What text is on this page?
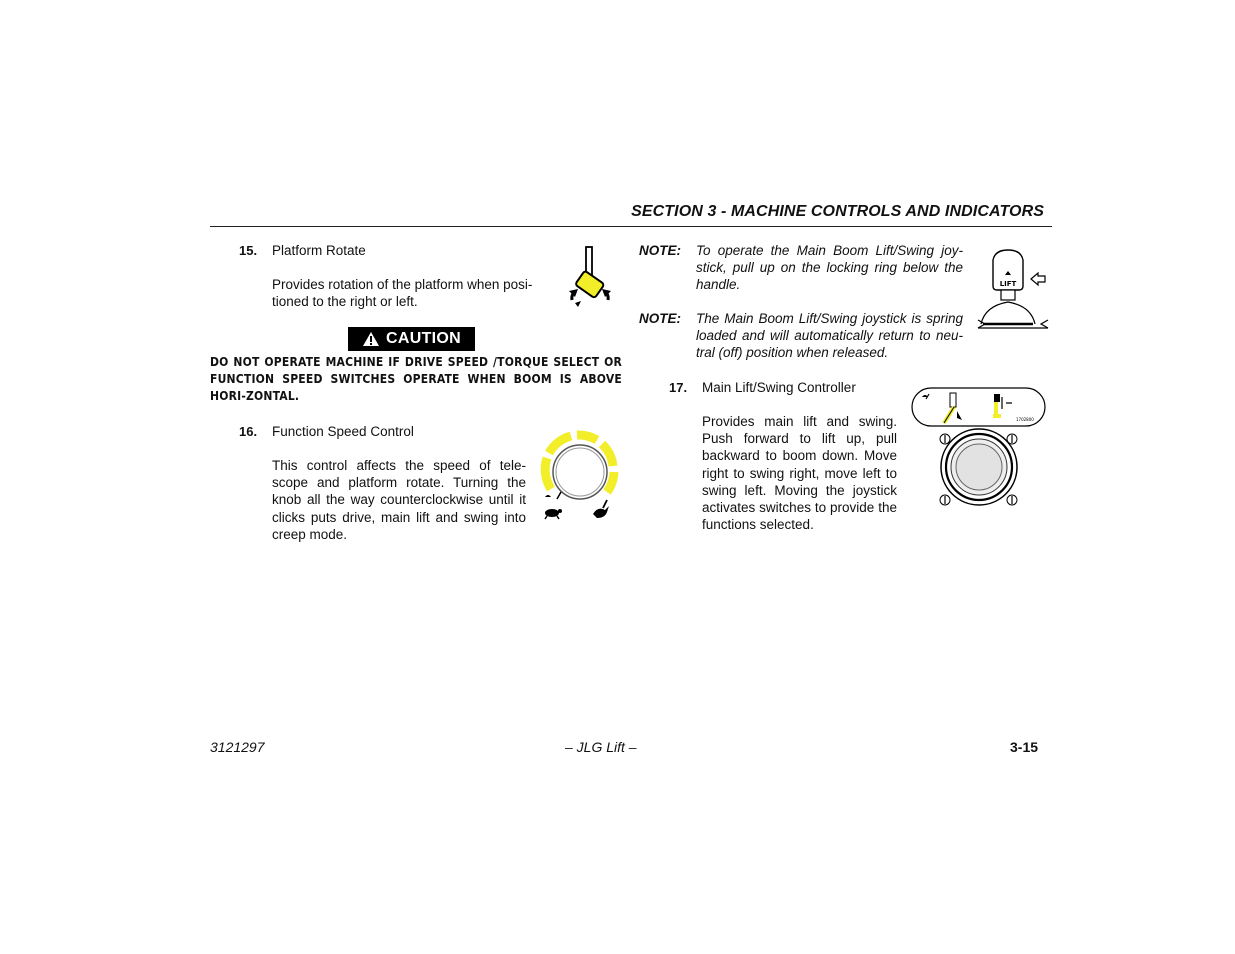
SECTION 3 - MACHINE CONTROLS AND INDICATORS
15. Platform Rotate
Provides rotation of the platform when posi-
tioned to the right or left.
CAUTION
DO NOT OPERATE MACHINE IF DRIVE SPEED /TORQUE SELECT OR FUNCTION SPEED SWITCHES OPERATE WHEN BOOM IS ABOVE HORI-ZONTAL.
16. Function Speed Control
This control affects the speed of tele-scope and platform rotate. Turning the knob all the way counterclockwise until it clicks puts drive, main lift and swing into creep mode.
NOTE: To operate the Main Boom Lift/Swing joy-stick, pull up on the locking ring below the handle.
NOTE: The Main Boom Lift/Swing joystick is spring loaded and will automatically return to neu-tral (off) position when released.
LIFT
17. Main Lift/Swing Controller
Provides main lift and swing. Push forward to lift up, pull backward to boom down. Move right to swing right, move left to swing left. Moving the joystick activates switches to provide the functions selected.
1702800
3121297	– JLG Lift –	3-15
